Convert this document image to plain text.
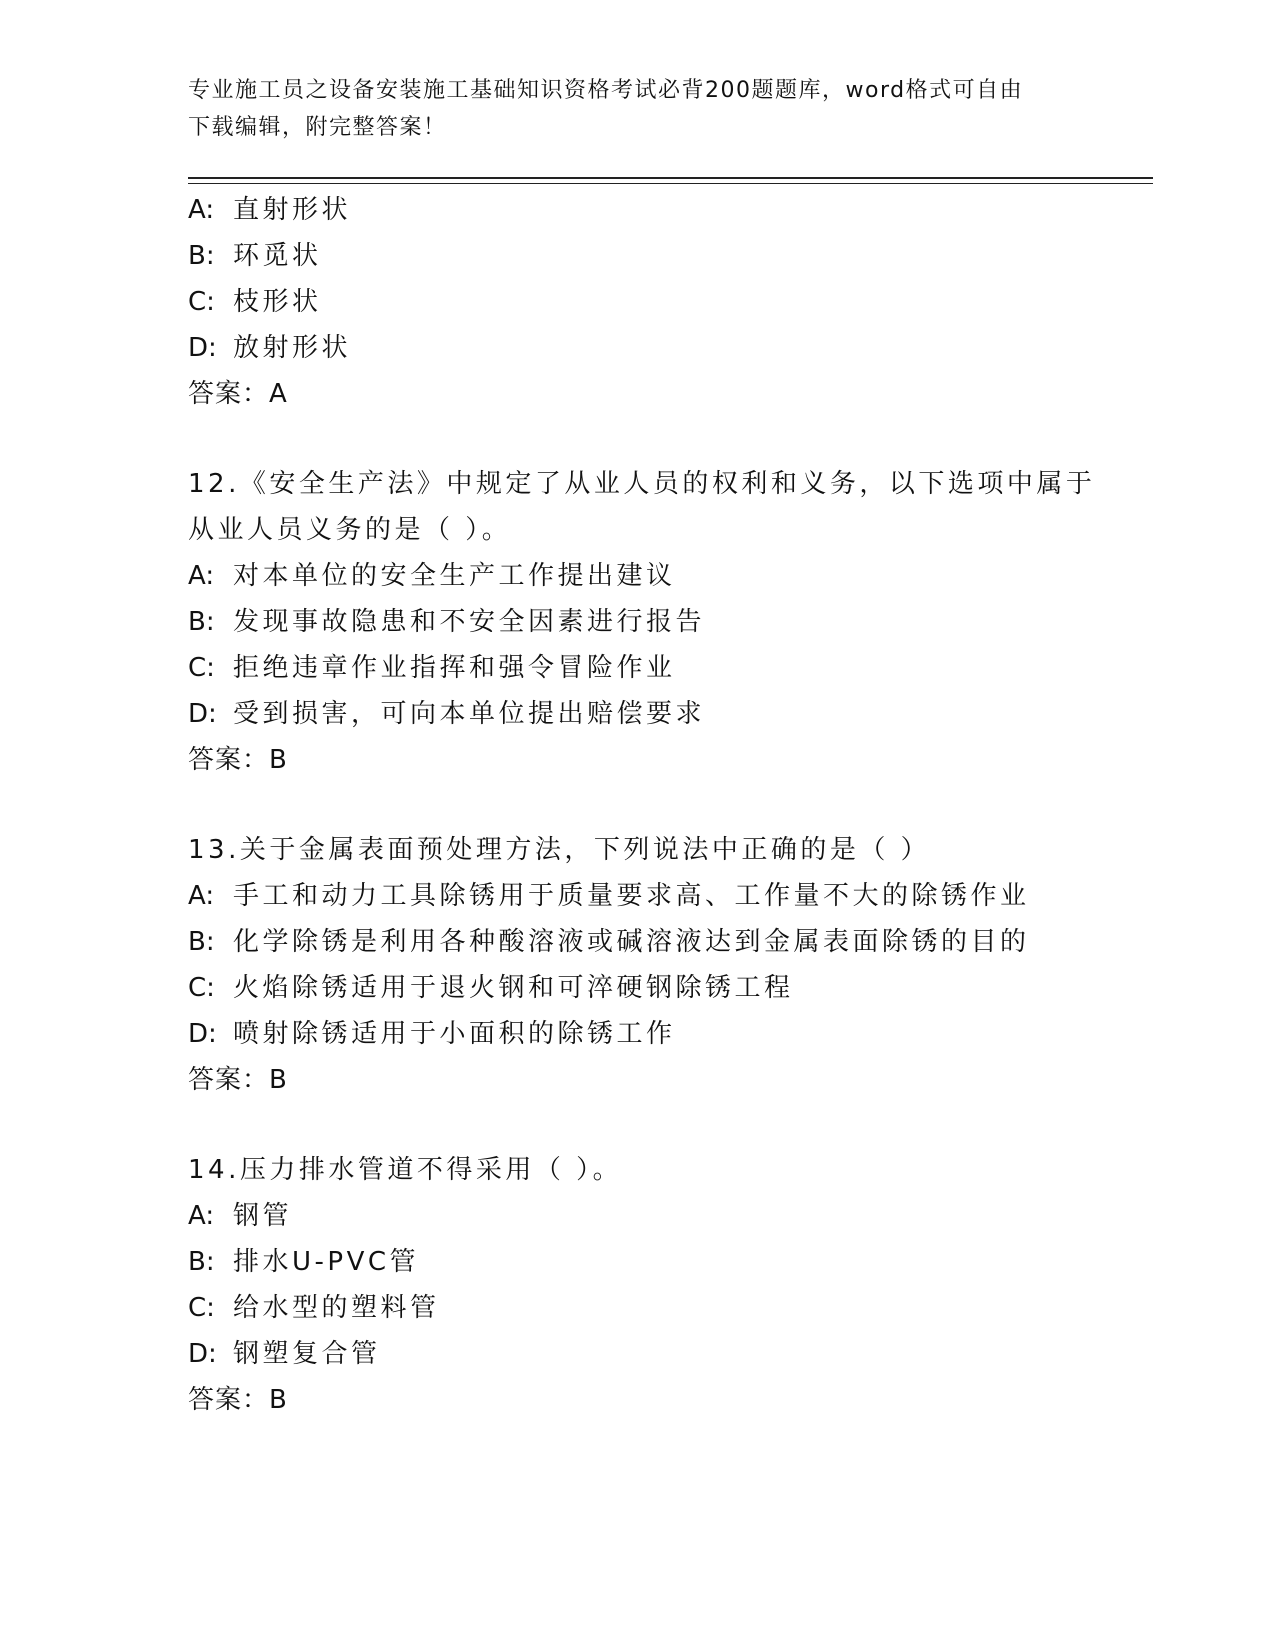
专业施工员之设备安装施工基础知识资格考试必背200题题库，word格式可自由
下载编辑，附完整答案！
A: 直射形状
B: 环觅状
C: 枝形状
D: 放射形状
答案：A
12.《安全生产法》中规定了从业人员的权利和义务，以下选项中属于
从业人员义务的是（ ）。
A: 对本单位的安全生产工作提出建议
B: 发现事故隐患和不安全因素进行报告
C: 拒绝违章作业指挥和强令冒险作业
D: 受到损害，可向本单位提出赔偿要求
答案：B
13.关于金属表面预处理方法，下列说法中正确的是（ ）
A: 手工和动力工具除锈用于质量要求高、工作量不大的除锈作业
B: 化学除锈是利用各种酸溶液或碱溶液达到金属表面除锈的目的
C: 火焰除锈适用于退火钢和可淬硬钢除锈工程
D: 喷射除锈适用于小面积的除锈工作
答案：B
14.压力排水管道不得采用（ ）。
A: 钢管
B: 排水U-PVC管
C: 给水型的塑料管
D: 钢塑复合管
答案：B
